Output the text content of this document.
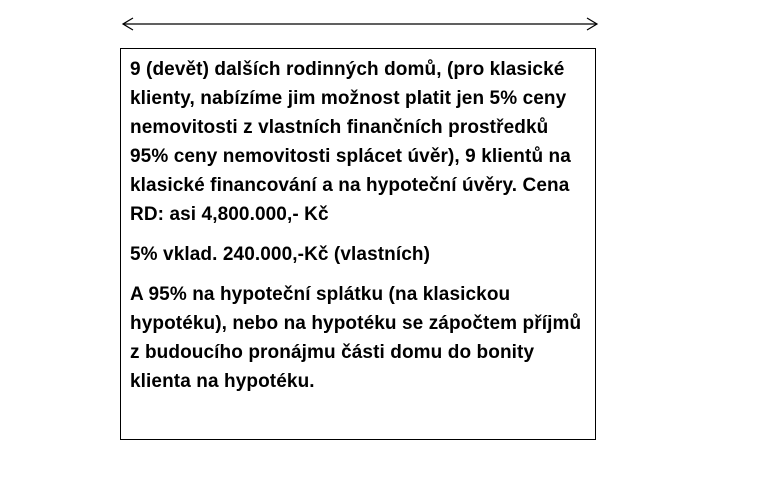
9 (devět) dalších rodinných domů, (pro klasické klienty, nabízíme jim možnost platit jen 5% ceny nemovitosti z vlastních finančních prostředků 95% ceny nemovitosti splácet úvěr), 9 klientů na klasické financování a na hypoteční úvěry. Cena RD: asi 4,800.000,- Kč

5% vklad. 240.000,-Kč (vlastních)

A 95% na hypoteční splátku (na klasickou hypotéku), nebo na hypotéku se zápočtem příjmů z budoucího pronájmu části domu do bonity klienta na hypotéku.
